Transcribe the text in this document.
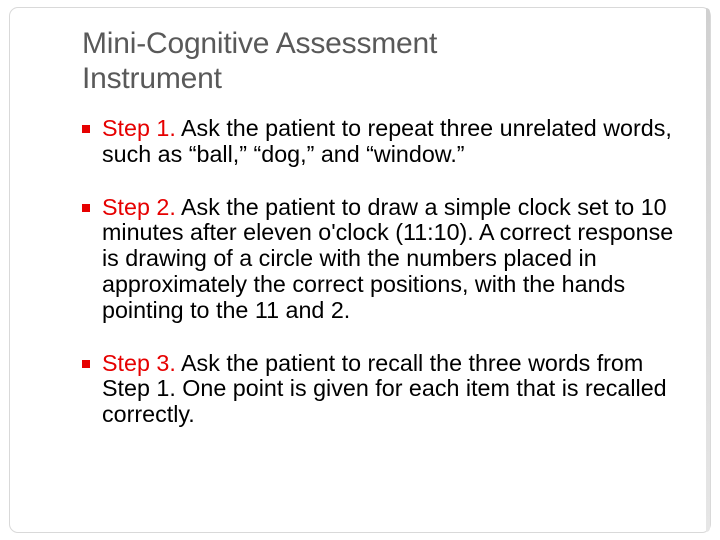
Mini-Cognitive Assessment
Instrument
Step 1. Ask the patient to repeat three unrelated words, such as “ball,” “dog,” and “window.”
Step 2. Ask the patient to draw a simple clock set to 10 minutes after eleven o'clock (11:10). A correct response is drawing of a circle with the numbers placed in approximately the correct positions, with the hands pointing to the 11 and 2.
Step 3. Ask the patient to recall the three words from Step 1. One point is given for each item that is recalled correctly.
